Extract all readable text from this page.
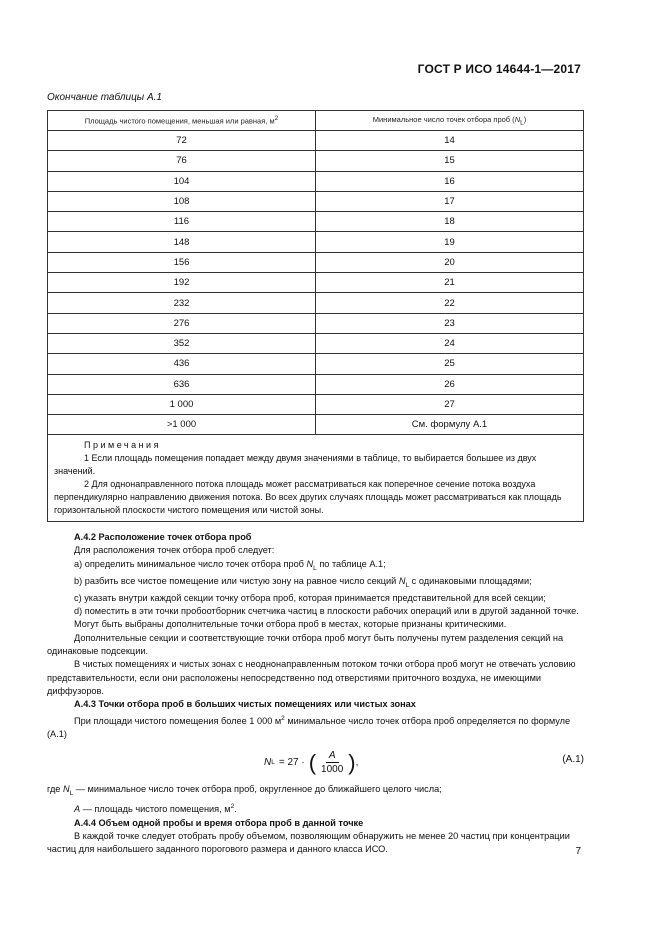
ГОСТ Р ИСО 14644-1—2017
Окончание таблицы А.1
Площадь чистого помещения, меньшая или равная, $м^2$	Минимальное число точек отбора проб $(N_L)$
72	14
76	15
104	16
108	17
116	18
148	19
156	20
192	21
232	22
276	23
352	24
436	25
636	26
1 000	27
>1 000	См. формулу А.1

Примечания
1 Если площадь помещения попадает между двумя значениями в таблице, то выбирается большее из двух значений.
2 Для однонаправленного потока площадь может рассматриваться как поперечное сечение потока воздуха перпендикулярно направлению движения потока. Во всех других случаях площадь может рассматриваться как площадь горизонтальной плоскости чистого помещения или чистой зоны.	

А.4.2 Расположение точек отбора проб

Для расположения точек отбора проб следует:

а) определить минимальное число точек отбора проб $N_L$ по таблице А.1;

b) разбить все чистое помещение или чистую зону на равное число секций $N_L$ с одинаковыми площадями;

c) указать внутри каждой секции точку отбора проб, которая принимается представительной для всей секции;

d) поместить в эти точки пробоотборник счетчика частиц в плоскости рабочих операций или в другой заданной точке.

Могут быть выбраны дополнительные точки отбора проб в местах, которые признаны критическими.

Дополнительные секции и соответствующие точки отбора проб могут быть получены путем разделения секций на одинаковые подсекции.

В чистых помещениях и чистых зонах с неоднонаправленным потоком точки отбора проб могут не отвечать условию представительности, если они расположены непосредственно под отверстиями приточного воздуха, не имеющими диффузоров.

А.4.3 Точки отбора проб в больших чистых помещениях или чистых зонах

При площади чистого помещения более 1 000 $м^2$ минимальное число точек отбора проб определяется по формуле (А.1)

N L = 27 · ( $\frac{A}{1000}$ ) ,	(А.1)

где $N_L$ — минимальное число точек отбора проб, округленное до ближайшего целого числа;

A — площадь чистого помещения, $м^2$.

А.4.4 Объем одной пробы и время отбора проб в данной точке

В каждой точке следует отобрать пробу объемом, позволяющим обнаружить не менее 20 частиц при концентрации частиц для наибольшего заданного порогового размера и данного класса ИСО.	7
